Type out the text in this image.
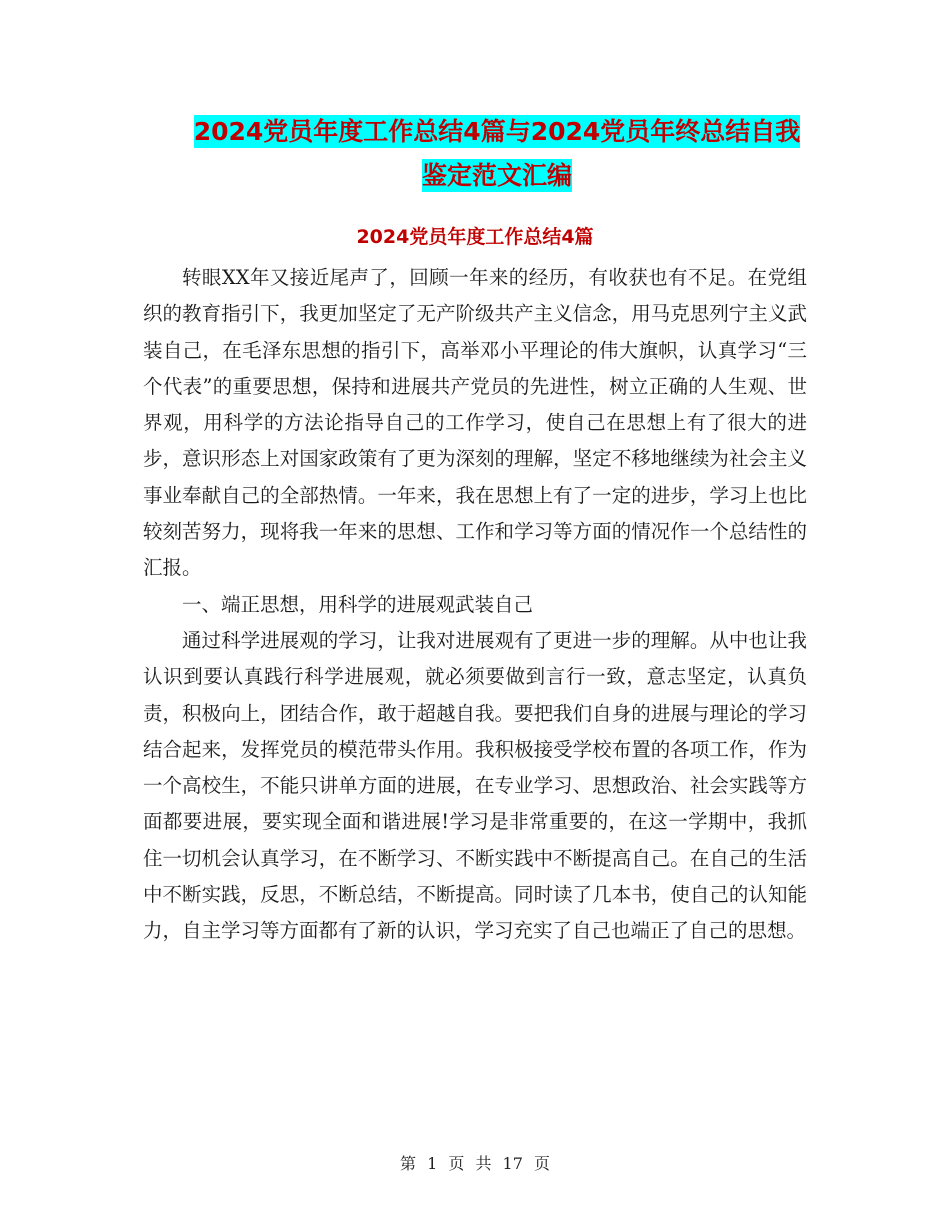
2024党员年度工作总结4篇与2024党员年终总结自我
鉴定范文汇编
2024党员年度工作总结4篇

转眼XX年又接近尾声了，回顾一年来的经历，有收获也有不足。在党组织的教育指引下，我更加坚定了无产阶级共产主义信念，用马克思列宁主义武装自己，在毛泽东思想的指引下，高举邓小平理论的伟大旗帜，认真学习“三个代表”的重要思想，保持和进展共产党员的先进性，树立正确的人生观、世界观，用科学的方法论指导自己的工作学习，使自己在思想上有了很大的进步，意识形态上对国家政策有了更为深刻的理解，坚定不移地继续为社会主义事业奉献自己的全部热情。一年来，我在思想上有了一定的进步，学习上也比较刻苦努力，现将我一年来的思想、工作和学习等方面的情况作一个总结性的汇报。

一、端正思想，用科学的进展观武装自己

通过科学进展观的学习，让我对进展观有了更进一步的理解。从中也让我认识到要认真践行科学进展观，就必须要做到言行一致，意志坚定，认真负责，积极向上，团结合作，敢于超越自我。要把我们自身的进展与理论的学习结合起来，发挥党员的模范带头作用。我积极接受学校布置的各项工作，作为一个高校生，不能只讲单方面的进展，在专业学习、思想政治、社会实践等方面都要进展，要实现全面和谐进展!学习是非常重要的，在这一学期中，我抓住一切机会认真学习，在不断学习、不断实践中不断提高自己。在自己的生活中不断实践，反思，不断总结，不断提高。同时读了几本书，使自己的认知能力，自主学习等方面都有了新的认识，学习充实了自己也端正了自己的思想。

第 1 页 共 17 页
